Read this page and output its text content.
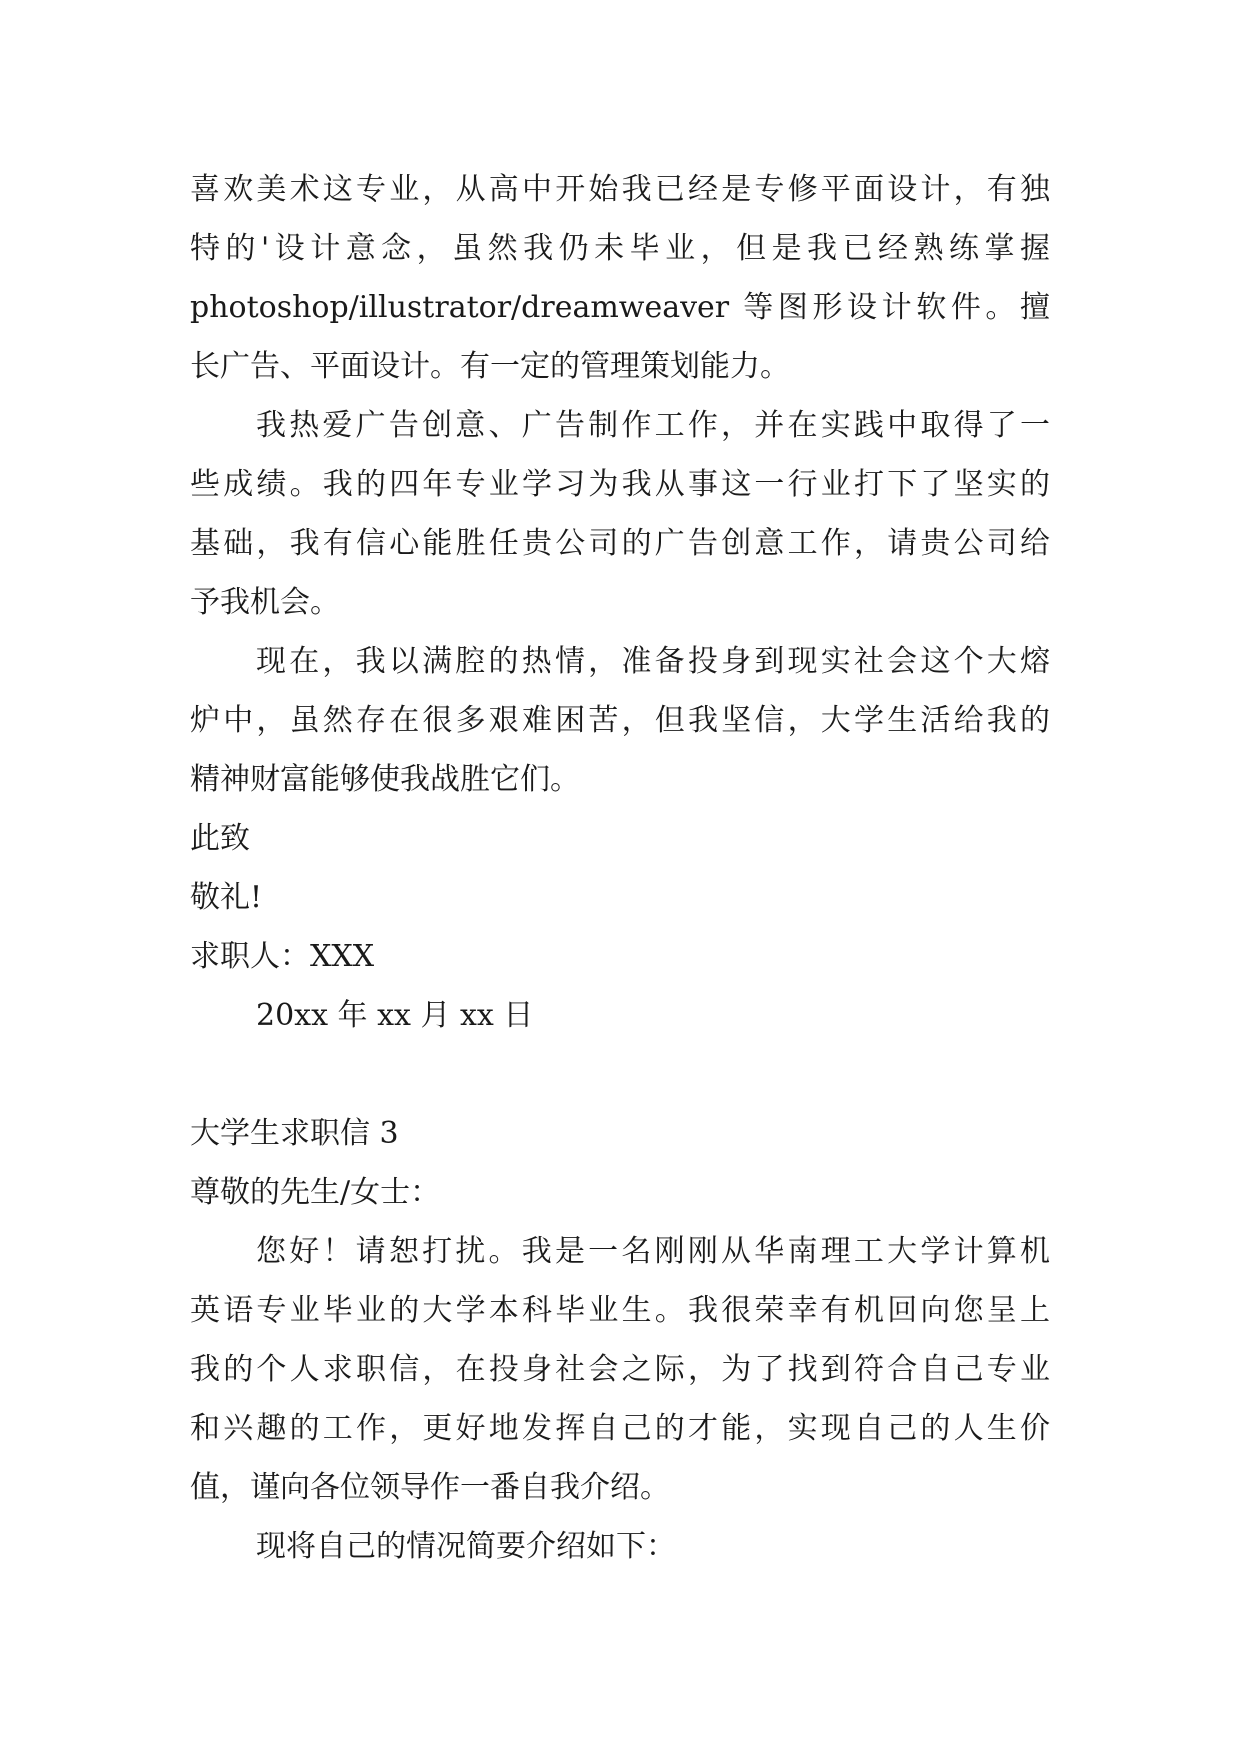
喜欢美术这专业，从高中开始我已经是专修平面设计，有独

特的'设计意念，虽然我仍未毕业，但是我已经熟练掌握

photoshop/illustrator/dreamweaver 等图形设计软件。擅

长广告、平面设计。有一定的管理策划能力。

我热爱广告创意、广告制作工作，并在实践中取得了一

些成绩。我的四年专业学习为我从事这一行业打下了坚实的

基础，我有信心能胜任贵公司的广告创意工作，请贵公司给

予我机会。

现在，我以满腔的热情，准备投身到现实社会这个大熔

炉中，虽然存在很多艰难困苦，但我坚信，大学生活给我的

精神财富能够使我战胜它们。

此致

敬礼!

求职人：XXX

20xx 年 xx 月 xx 日

大学生求职信 3

尊敬的先生/女士：

您好！请恕打扰。我是一名刚刚从华南理工大学计算机

英语专业毕业的大学本科毕业生。我很荣幸有机回向您呈上

我的个人求职信，在投身社会之际，为了找到符合自己专业

和兴趣的工作，更好地发挥自己的才能，实现自己的人生价

值，谨向各位领导作一番自我介绍。

现将自己的情况简要介绍如下：
